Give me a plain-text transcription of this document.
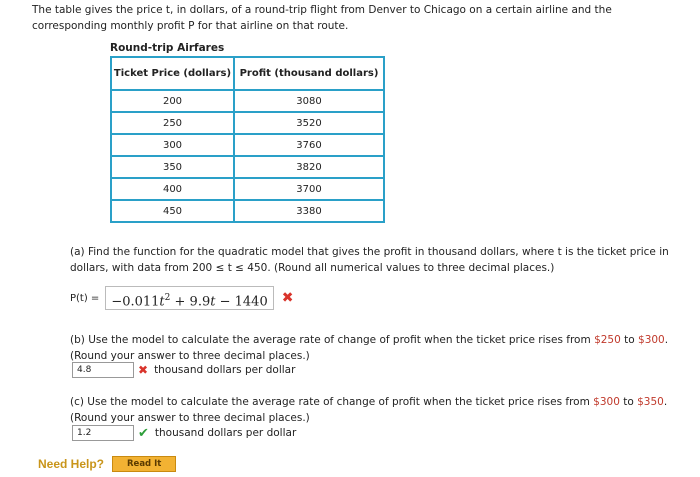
The table gives the price t, in dollars, of a round-trip flight from Denver to Chicago on a certain airline and the corresponding monthly profit P for that airline on that route.
Round-trip Airfares
Ticket Price (dollars)	Profit (thousand dollars)
200	3080
250	3520
300	3760
350	3820
400	3700
450	3380
(a) Find the function for the quadratic model that gives the profit in thousand dollars, where t is the ticket price in dollars, with data from 200 ≤ t ≤ 450. (Round all numerical values to three decimal places.)
$P(t) = -0.011t^2 + 9.9t - 1440$	✖
(b) Use the model to calculate the average rate of change of profit when the ticket price rises from $250 to $300. (Round your answer to three decimal places.)
4.8	✖ thousand dollars per dollar
(c) Use the model to calculate the average rate of change of profit when the ticket price rises from $300 to $350. (Round your answer to three decimal places.)
1.2	✔ thousand dollars per dollar
Need Help?	Read It
